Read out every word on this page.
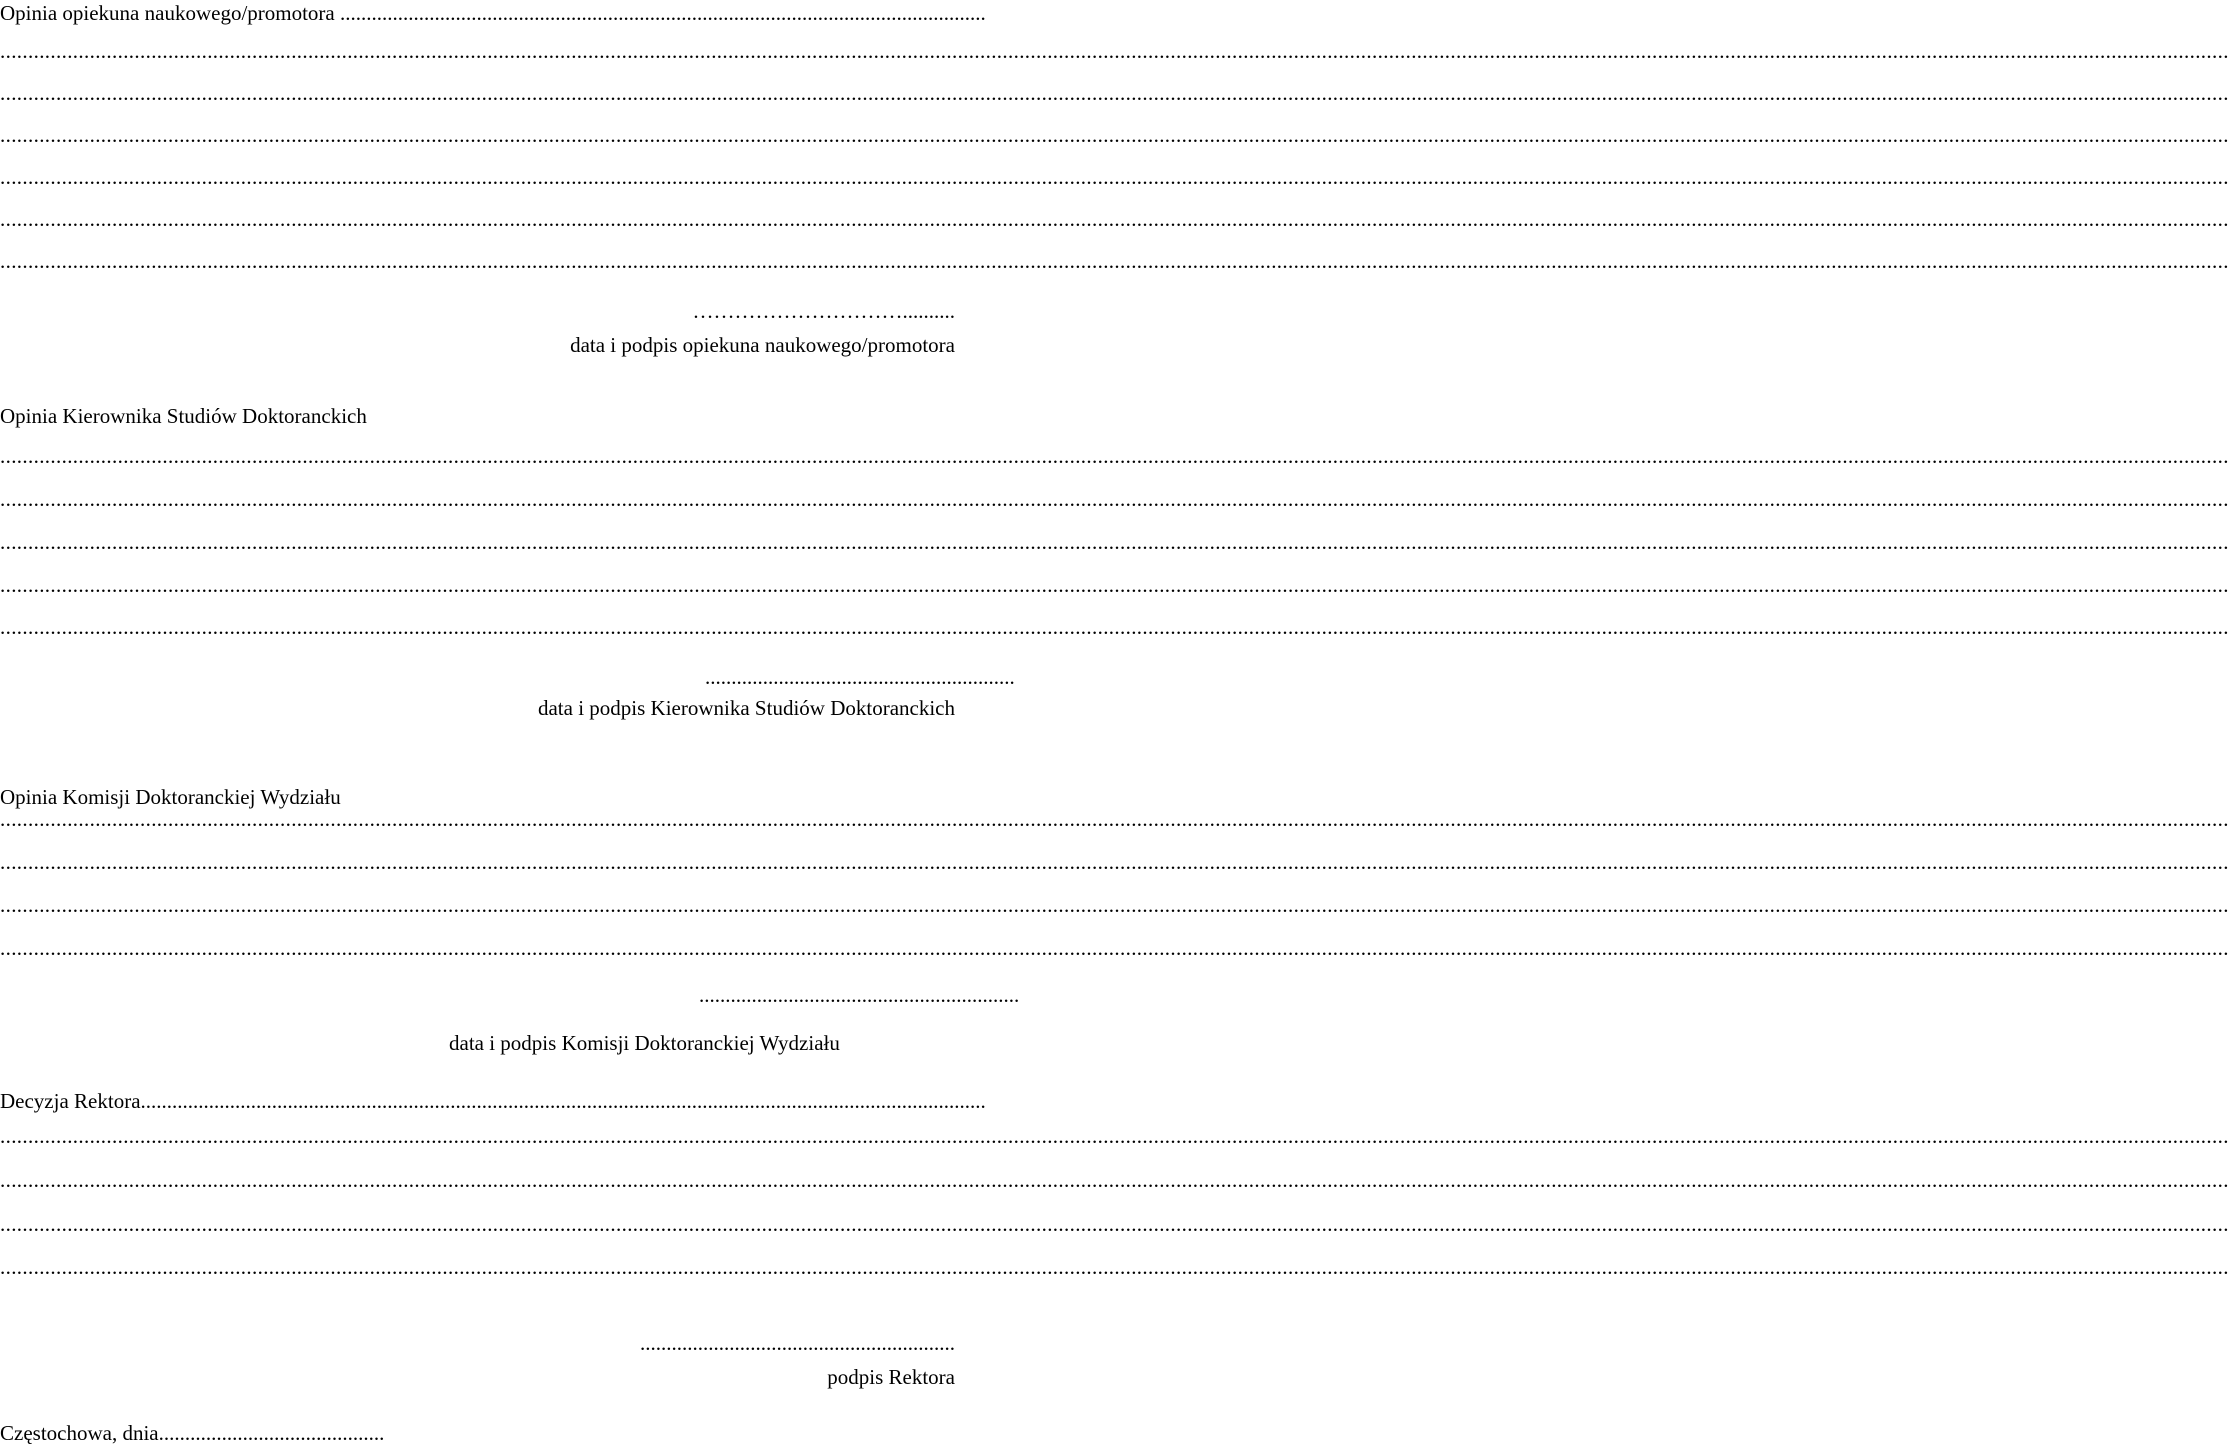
Opinia opiekuna naukowego/promotora ...........................................................................................................................
.....
.....
.....
.....
.....
.....
…………………………..........
data i podpis opiekuna naukowego/promotora
Opinia Kierownika Studiów Doktoranckich
.....
.....
.....
.....
.....
...........................................................
data i podpis Kierownika Studiów Doktoranckich
Opinia Komisji Doktoranckiej Wydziału
.....
.....
.....
.....
.............................................................
data i podpis Komisji Doktoranckiej Wydziału
Decyzja Rektora.................................................................................................................................................................
.....
.....
.....
.....
............................................................
podpis Rektora
Częstochowa, dnia...........................................
